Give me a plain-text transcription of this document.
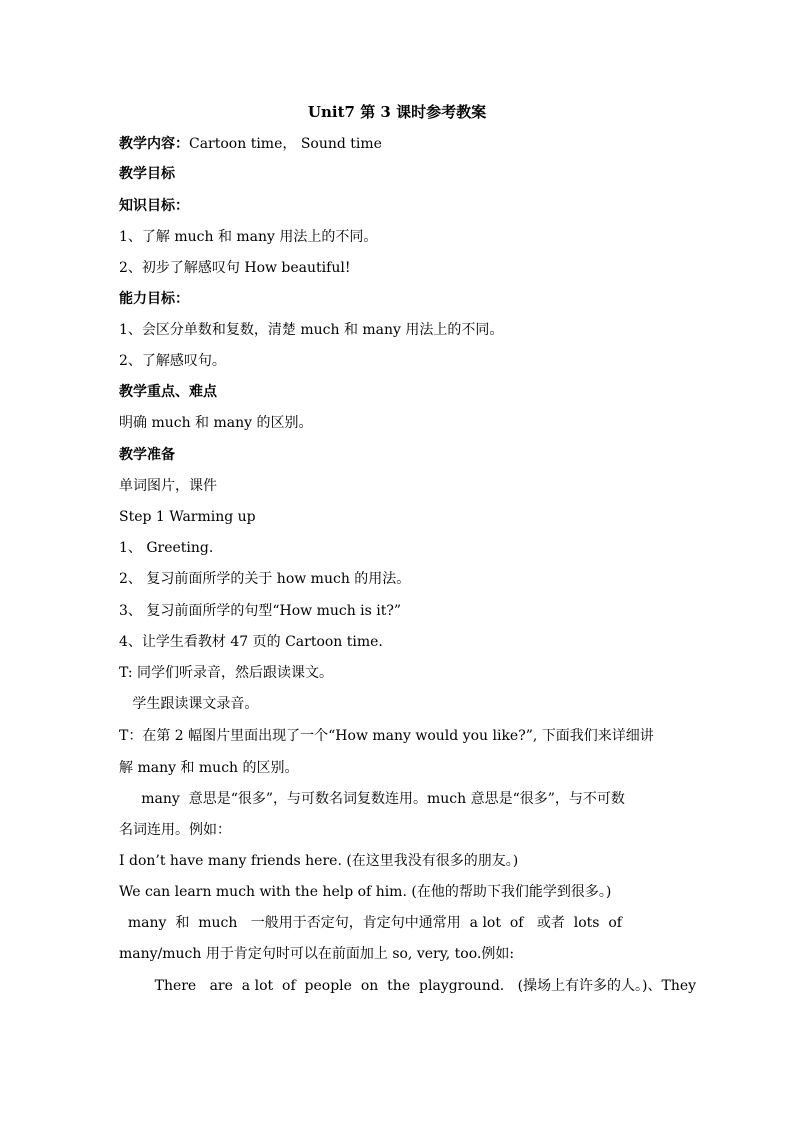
Unit7 第 3 课时参考教案
教学内容：Cartoon time， Sound time
教学目标
知识目标：
1、了解 much 和 many 用法上的不同。
2、初步了解感叹句 How beautiful!
能力目标：
1、会区分单数和复数，清楚 much 和 many 用法上的不同。
2、了解感叹句。
教学重点、难点
明确 much 和 many 的区别。
教学准备
单词图片，课件
Step 1 Warming up
1、 Greeting.
2、 复习前面所学的关于 how much 的用法。
3、 复习前面所学的句型“How much is it?”
4、让学生看教材 47 页的 Cartoon time.
T: 同学们听录音，然后跟读课文。
学生跟读课文录音。
T：在第 2 幅图片里面出现了一个“How many would you like?”, 下面我们来详细讲
解 many 和 much 的区别。
many  意思是“很多”，与可数名词复数连用。much 意思是“很多”，与不可数
名词连用。例如：
I don’t have many friends here. (在这里我没有很多的朋友。)
We can learn much with the help of him. (在他的帮助下我们能学到很多。)
many  和  much   一般用于否定句，肯定句中通常用  a lot  of   或者  lots  of
many/much 用于肯定句时可以在前面加上 so, very, too.例如:
There   are  a lot  of  people  on  the  playground.   (操场上有许多的人。)、They
